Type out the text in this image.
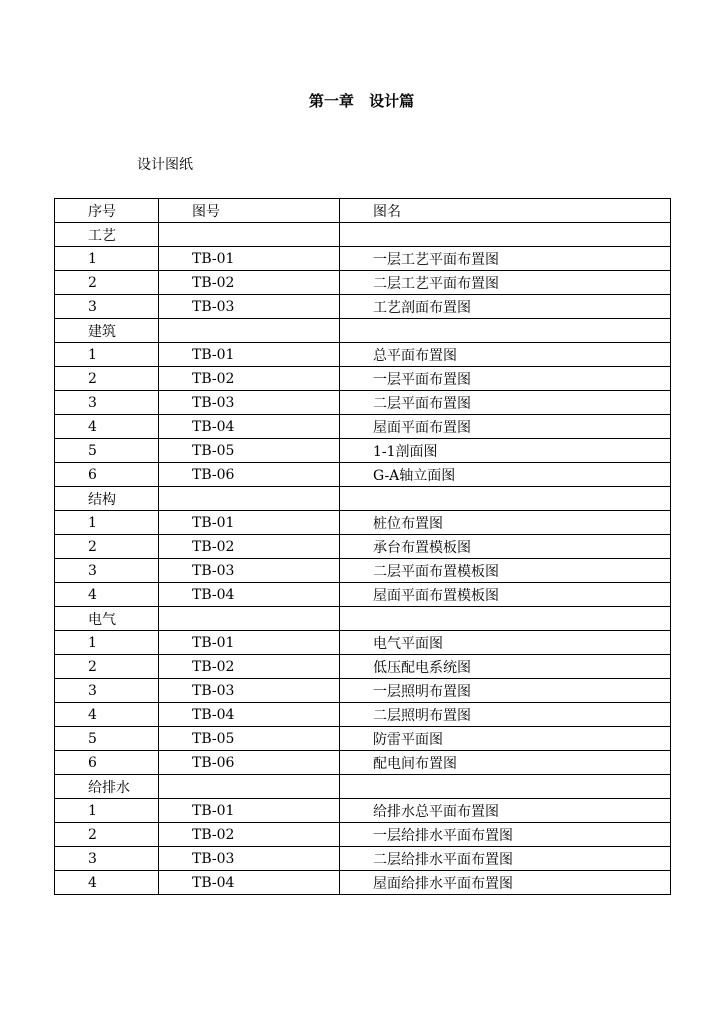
第一章 设计篇
设计图纸
序号	图号	图名
工艺		
1	TB-01	一层工艺平面布置图
2	TB-02	二层工艺平面布置图
3	TB-03	工艺剖面布置图
建筑		
1	TB-01	总平面布置图
2	TB-02	一层平面布置图
3	TB-03	二层平面布置图
4	TB-04	屋面平面布置图
5	TB-05	1-1剖面图
6	TB-06	G-A轴立面图
结构		
1	TB-01	桩位布置图
2	TB-02	承台布置模板图
3	TB-03	二层平面布置模板图
4	TB-04	屋面平面布置模板图
电气		
1	TB-01	电气平面图
2	TB-02	低压配电系统图
3	TB-03	一层照明布置图
4	TB-04	二层照明布置图
5	TB-05	防雷平面图
6	TB-06	配电间布置图
给排水		
1	TB-01	给排水总平面布置图
2	TB-02	一层给排水平面布置图
3	TB-03	二层给排水平面布置图
4	TB-04	屋面给排水平面布置图
